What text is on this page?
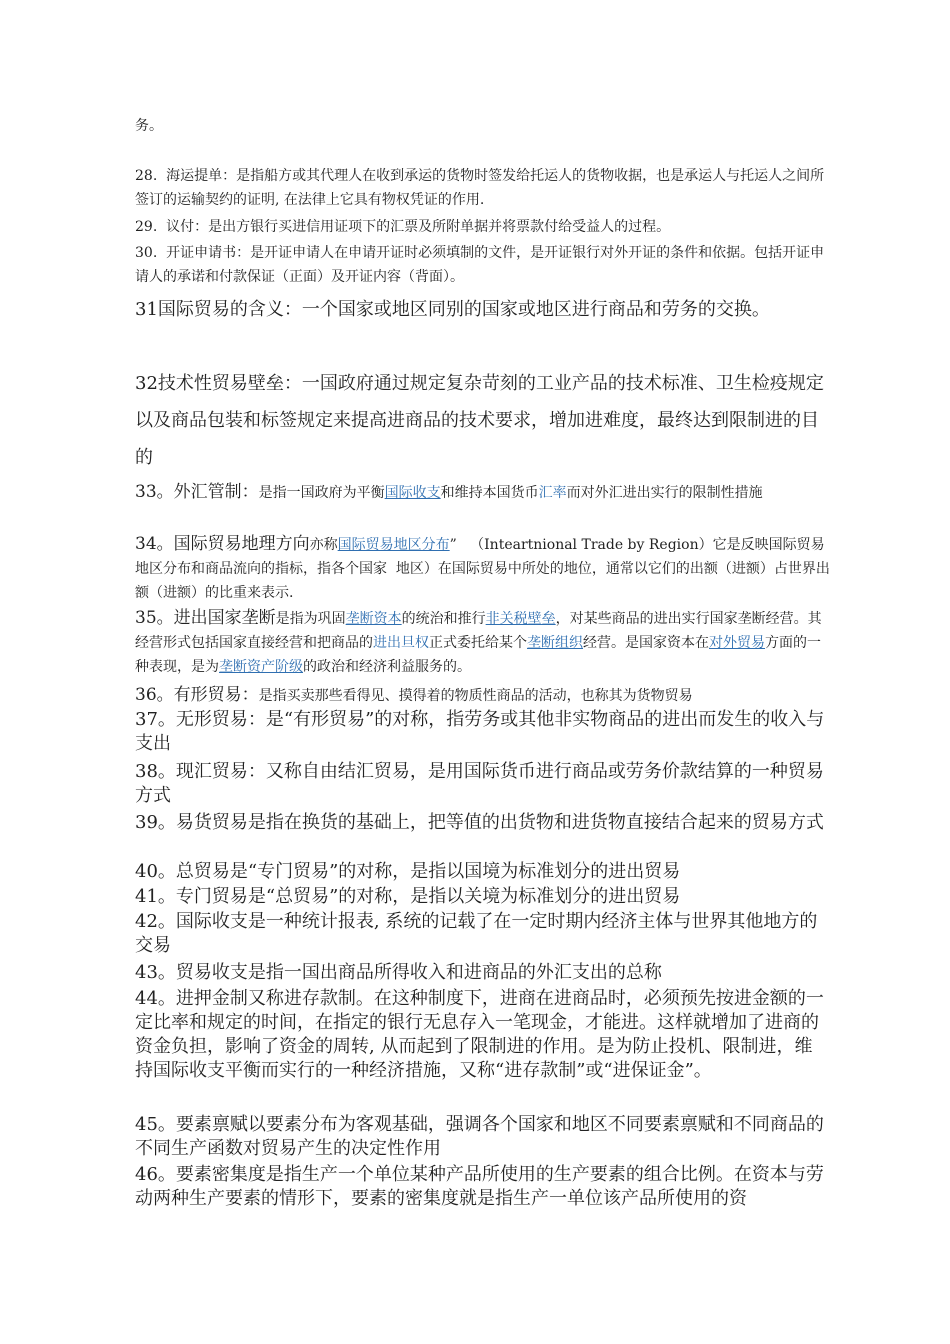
务。

28.  海运提单：是指船方或其代理人在收到承运的货物时签发给托运人的货物收据，也是承运人与托运人之间所签订的运输契约的证明, 在法律上它具有物权凭证的作用.

29.  议付：是出方银行买进信用证项下的汇票及所附单据并将票款付给受益人的过程。

30.  开证申请书：是开证申请人在申请开证时必须填制的文件，是开证银行对外开证的条件和依据。包括开证申请人的承诺和付款保证（正面）及开证内容（背面）。

31国际贸易的含义：一个国家或地区同别的国家或地区进行商品和劳务的交换。

32技术性贸易壁垒：一国政府通过规定复杂苛刻的工业产品的技术标准、卫生检疫规定以及商品包装和标签规定来提高进商品的技术要求，增加进难度，最终达到限制进的目的

33。外汇管制：是指一国政府为平衡国际收支和维持本国货币汇率而对外汇进出实行的限制性措施

34。国际贸易地理方向亦称国际贸易地区分布”   （Inteartnional Trade by Region）它是反映国际贸易地区分布和商品流向的指标，指各个国家  地区）在国际贸易中所处的地位，通常以它们的出额（进额）占世界出额（进额）的比重来表示.

35。进出国家垄断是指为巩固垄断资本的统治和推行非关税壁垒，对某些商品的进出实行国家垄断经营。其经营形式包括国家直接经营和把商品的进出旦权正式委托给某个垄断组织经营。是国家资本在对外贸易方面的一种表现，是为垄断资产阶级的政治和经济利益服务的。

36。有形贸易：是指买卖那些看得见、摸得着的物质性商品的活动，也称其为货物贸易

37。无形贸易：是“有形贸易”的对称，指劳务或其他非实物商品的进出而发生的收入与支出

38。现汇贸易：又称自由结汇贸易，是用国际货币进行商品或劳务价款结算的一种贸易方式

39。易货贸易是指在换货的基础上，把等值的出货物和进货物直接结合起来的贸易方式

40。总贸易是“专门贸易”的对称，是指以国境为标准划分的进出贸易

41。专门贸易是“总贸易”的对称，是指以关境为标准划分的进出贸易

42。国际收支是一种统计报表, 系统的记载了在一定时期内经济主体与世界其他地方的交易

43。贸易收支是指一国出商品所得收入和进商品的外汇支出的总称

44。进押金制又称进存款制。在这种制度下，进商在进商品时，必须预先按进金额的一定比率和规定的时间，在指定的银行无息存入一笔现金，才能进。这样就增加了进商的资金负担，影响了资金的周转, 从而起到了限制进的作用。是为防止投机、限制进，维持国际收支平衡而实行的一种经济措施，又称“进存款制”或“进保证金”。

45。要素禀赋以要素分布为客观基础，强调各个国家和地区不同要素禀赋和不同商品的不同生产函数对贸易产生的决定性作用

46。要素密集度是指生产一个单位某种产品所使用的生产要素的组合比例。在资本与劳动两种生产要素的情形下，要素的密集度就是指生产一单位该产品所使用的资
